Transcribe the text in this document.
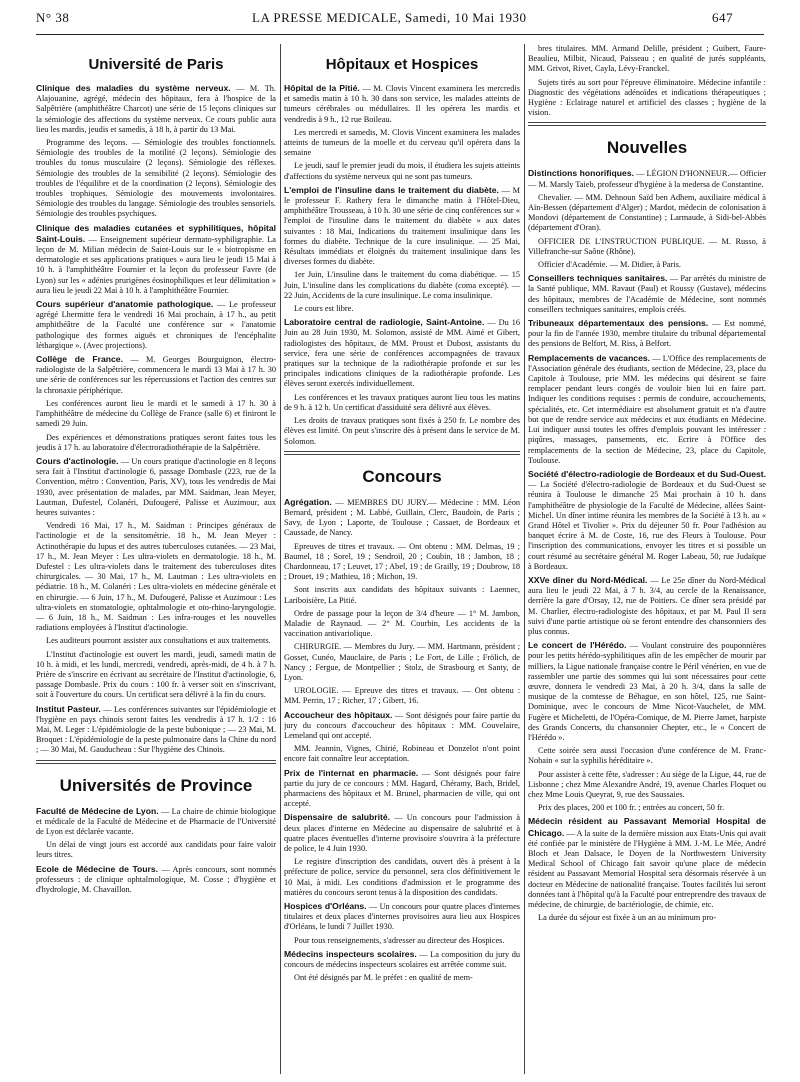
N° 38	LA PRESSE MEDICALE, Samedi, 10 Mai 1930	647
Université de Paris

Clinique des maladies du système nerveux. — M. Th. Alajouanine, agrégé, médecin des hôpitaux, fera à l'hospice de la Salpêtrière (amphithéâtre Charcot) une série de 15 leçons cliniques sur la sémiologie des affections du système nerveux. Ce cours public aura lieu les mardis, jeudis et samedis, à 18 h, à partir du 13 Mai.

Programme des leçons. — Sémiologie des troubles fonctionnels. Sémiologie des troubles de la motilité (2 leçons). Sémiologie des troubles du tonus musculaire (2 leçons). Sémiologie des réflexes. Sémiologie des troubles de la sensibilité (2 leçons). Sémiologie des troubles de l'équilibre et de la coordination (2 leçons). Sémiologie des troubles trophiques. Sémiologie des mouvements involontaires. Sémiologie des troubles du langage. Sémiologie des troubles sensoriels. Sémiologie des troubles psychiques.

Clinique des maladies cutanées et syphilitiques, hôpital Saint-Louis. — Enseignement supérieur dermato-syphiligraphie. La leçon de M. Milian médecin de Saint-Louis sur le « biotropisme en dermatologie et ses applications pratiques » aura lieu le jeudi 15 Mai à 10 h. à l'amphithéâtre Fournier et la leçon du professeur Favre (de Lyon) sur les « adénies prurigènes éosinophiliques et leur délimitation » aura lieu le jeudi 22 Mai à 10 h. à l'amphithéâtre Fournier.

Cours supérieur d'anatomie pathologique. — Le professeur agrégé Lhermitte fera le vendredi 16 Mai prochain, à 17 h., au petit amphithéâtre de la Faculté une conférence sur « l'anatomie pathologique des formes aiguës et chroniques de l'encéphalite léthargique ». (Avec projections).

Collège de France. — M. Georges Bourguignon, électro-radiologiste de la Salpêtrière, commencera le mardi 13 Mai à 17 h. 30 une série de conférences sur les répercussions et l'action des centres sur la chronaxie périphérique.

Les conférences auront lieu le mardi et le samedi à 17 h. 30 à l'amphithéâtre de médecine du Collège de France (salle 6) et finiront le samedi 29 Juin.

Des expériences et démonstrations pratiques seront faites tous les jeudis à 17 h. au laboratoire d'électroradiothérapie de la Salpêtrière.

Cours d'actinologie. — Un cours pratique d'actinologie en 8 leçons sera fait à l'Institut d'actinologie 6, passage Dombasle (223, rue de la Convention, métro : Convention, Paris, XV), tous les vendredis de Mai 1930, avec présentation de malades, par MM. Saidman, Jean Meyer, Lautman, Dufestel, Colanéri, Dufougeré, Palisse et Auzimour, aux heures suivantes :

Vendredi 16 Mai, 17 h., M. Saidman : Principes généraux de l'actinologie et de la sensitométrie. 18 h., M. Jean Meyer : Actinothérapie du lupus et des autres tuberculoses cutanées. — 23 Mai, 17 h., M. Jean Meyer : Les ultra-violets en dermatologie. 18 h., M. Dufestel : Les ultra-violets dans le traitement des tuberculoses dites chirurgicales. — 30 Mai, 17 h., M. Lautman : Les ultra-violets en pédiatrie. 18 h., M. Colanéri : Les ultra-violets en médecine générale et en chirurgie. — 6 Juin, 17 h., M. Dufougeré, Palisse et Auzimour : Les ultra-violets en stomatologie, ophtalmologie et oto-rhino-laryngologie. — 6 Juin, 18 h., M. Saidman : Les infra-rouges et les nouvelles radiations employées à l'Institut d'actinologie.

Les auditeurs pourront assister aux consultations et aux traitements.

L'Institut d'actinologie est ouvert les mardi, jeudi, samedi matin de 10 h. à midi, et les lundi, mercredi, vendredi, après-midi, de 4 h. à 7 h. Prière de s'inscrire en écrivant au secrétaire de l'Institut d'actinologie, 6, passage Dombasle. Prix du cours : 100 fr. à verser soit en s'inscrivant, soit à l'ouverture du cours. Un certificat sera délivré à la fin du cours.

Institut Pasteur. — Les conférences suivantes sur l'épidémiologie et l'hygiène en pays chinois seront faites les vendredis à 17 h. 1/2 : 16 Mai, M. Leger : L'épidémiologie de la peste bubonique ; — 23 Mai, M. Broquet : L'épidémiologie de la peste pulmonaire dans la Chine du nord ; — 30 Mai, M. Gauducheau : Sur l'hygiène des Chinois.

Universités de Province

Faculté de Médecine de Lyon. — La chaire de chimie biologique et médicale de la Faculté de Médecine et de Pharmacie de l'Université de Lyon est déclarée vacante.

Un délai de vingt jours est accordé aux candidats pour faire valoir leurs titres.

Ecole de Médecine de Tours. — Après concours, sont nommés professeurs : de clinique ophtalmologique, M. Cosse ; d'hygiène et d'hydrologie, M. Chavaillon.

Hôpitaux et Hospices

Hôpital de la Pitié. — M. Clovis Vincent examinera les mercredis et samedis matin à 10 h. 30 dans son service, les malades atteints de tumeurs cérébrales ou médullaires. Il les opérera les mardis et vendredis à 9 h., 12 rue Boileau.

Les mercredi et samedis, M. Clovis Vincent examinera les malades atteints de tumeurs de la moelle et du cerveau qu'il opérera dans la semaine

Le jeudi, sauf le premier jeudi du mois, il étudiera les sujets atteints d'affections du système nerveux qui ne sont pas tumeurs.

L'emploi de l'insuline dans le traitement du diabète. — M le professeur F. Rathery fera le dimanche matin à l'Hôtel-Dieu, amphithéâtre Trousseau, à 10 h. 30 une série de cinq conférences sur « l'emploi de l'insuline dans le traitement du diabète » aux dates suivantes : 18 Mai, Indications du traitement insulinique dans les formes du diabète. Technique de la cure insulinique. — 25 Mai, Résultats immédiats et éloignés du traitement insulinique dans les diverses formes du diabète.

1er Juin, L'insuline dans le traitement du coma diabétique. — 15 Juin, L'insuline dans les complications du diabète (coma excepté). — 22 Juin, Accidents de la cure insulinique. Le coma insulinique.

Le cours est libre.

Laboratoire central de radiologie, Saint-Antoine. — Du 16 Juin au 28 Juin 1930, M. Solomon, assisté de MM. Aimé et Gibert, radiologistes des hôpitaux, de MM. Proust et Dubost, assistants du service, fera une série de conférences accompagnées de travaux pratiques sur la technique de la radiothérapie profonde et sur les principales indications cliniques de la radiothérapie profonde. Les élèves seront exercés individuellement.

Les conférences et les travaux pratiques auront lieu tous les matins de 9 h. à 12 h. Un certificat d'assiduité sera délivré aux élèves.

Les droits de travaux pratiques sont fixés à 250 fr. Le nombre des élèves est limité. On peut s'inscrire dès à présent dans le service de M. Solomon.

Concours

Agrégation. — MEMBRES DU JURY.— Médecine : MM. Léon Bernard, président ; M. Labbé, Guillain, Clerc, Baudoin, de Paris ; Savy, de Lyon ; Laporte, de Toulouse ; Cassaet, de Bordeaux et Caussade, de Nancy.

Epreuves de titres et travaux. — Ont obtenu : MM. Delmas, 19 ; Baumel, 18 ; Sorel, 19 ; Sendroil, 20 ; Coubin, 18 ; Jambon, 18 ; Chardonneau, 17 ; Leuvet, 17 ; Abel, 19 ; de Grailly, 19 ; Doubrow, 18 ; Drouet, 19 ; Mathieu, 18 ; Michon, 19.

Sont inscrits aux candidats des hôpitaux suivants : Laennec, Lariboisière, La Pitié.

Ordre de passage pour la leçon de 3/4 d'heure — 1° M. Jambon, Maladie de Raynaud. — 2° M. Courbin, Les accidents de la vaccination antivariolique.

CHIRURGIE. — Membres du Jury. — MM. Hartmann, président ; Gosset, Cunéo, Mauclaire, de Paris ; Le Fort, de Lille ; Frölich, de Nancy ; Fergue, de Montpellier ; Stolz, de Strasbourg et Santy, de Lyon.

UROLOGIE. — Epreuve des titres et travaux. — Ont obtenu : MM. Perrin, 17 ; Richer, 17 ; Gibert, 16.

Accoucheur des hôpitaux. — Sont désignés pour faire partie du jury du concours d'accoucheur des hôpitaux : MM. Couvelaire, Lemeland qui ont accepté.

MM. Jeannin, Vignes, Chirié, Robineau et Donzelot n'ont point encore fait connaître leur acceptation.

Prix de l'internat en pharmacie. — Sont désignés pour faire partie du jury de ce concours : MM. Hagard, Chéramy, Bach, Bridel, pharmaciens des hôpitaux et M. Brunel, pharmacien de ville, qui ont accepté.

Dispensaire de salubrité. — Un concours pour l'admission à deux places d'interne en Médecine au dispensaire de salubrité et à quatre places éventuelles d'interne provisoire s'ouvrira à la préfecture de police, le 4 Juin 1930.

Le registre d'inscription des candidats, ouvert dès à présent à la préfecture de police, service du personnel, sera clos définitivement le 10 Mai, à midi. Les conditions d'admission et le programme des matières du concours seront tenus à la disposition des candidats.

Hospices d'Orléans. — Un concours pour quatre places d'internes titulaires et deux places d'internes provisoires aura lieu aux Hospices d'Orléans, le lundi 7 Juillet 1930.

Pour tous renseignements, s'adresser au directeur des Hospices.

Médecins inspecteurs scolaires. — La composition du jury du concours de médecins inspecteurs scolaires est arrêtée comme suit.

Ont été désignés par M. le préfet : en qualité de mem-

bres titulaires. MM. Armand Delille, président ; Guibert, Faure-Beaulieu, Milbit, Nicaud, Paisseau ; en qualité de jurés suppléants, MM. Grivot, Rivet, Cayla, Lévy-Franckel.

Sujets tirés au sort pour l'épreuve éliminatoire. Médecine infantile : Diagnostic des végétations adénoïdes et indications thérapeutiques ; Hygiène : Eclairage naturel et artificiel des classes ; hygiène de la vision.

Nouvelles

Distinctions honorifiques. — LÉGION D'HONNEUR.— Officier — M. Marsly Taieb, professeur d'hygiène à la medersa de Constantine.

Chevalier. — MM. Dehnoun Saïd ben Adhem, auxiliaire médical à Aïn-Bessen (département d'Alger) ; Mardot, médecin de colonisation à Mondovi (département de Constantine) ; Larmaude, à Sidi-bel-Abbès (département d'Oran).

OFFICIER DE L'INSTRUCTION PUBLIQUE. — M. Russo, à Villefranche-sur Saône (Rhône).

Officier d'Académie. — M. Didier, à Paris.

Conseillers techniques sanitaires. — Par arrêtés du ministre de la Santé publique, MM. Ravaut (Paul) et Roussy (Gustave), médecins des hôpitaux, membres de l'Académie de Médecine, sont nommés conseillers techniques sanitaires, emplois créés.

Tribuneaux départementaux des pensions. — Est nommé, pour la fin de l'année 1930, membre titulaire du tribunal départemental des pensions de Belfort, M. Riss, à Belfort.

Remplacements de vacances. — L'Office des remplacements de l'Association générale des étudiants, section de Médecine, 23, place du Capitole à Toulouse, prie MM. les médecins qui désirent se faire remplacer pendant leurs congés de vouloir bien lui en faire part. Indiquer les conditions requises : permis de conduire, accouchements, spécialités, etc. Cet intermédiaire est absolument gratuit et n'a d'autre but que de rendre service aux médecins et aux étudiants en Médecine. Lui indiquer aussi toutes les offres d'emplois pouvant les intéresser : piqûres, massages, pansements, etc. Ecrire à l'Office des remplacements de la section de Médecine, 23, place du Capitole, Toulouse.

Société d'électro-radiologie de Bordeaux et du Sud-Ouest. — La Société d'électro-radiologie de Bordeaux et du Sud-Ouest se réunira à Toulouse le dimanche 25 Mai prochain à 10 h. dans l'amphithéâtre de physiologie de la Faculté de Médecine, allées Saint-Michel. Un dîner intime réunira les membres de la Société à 13 h. au « Grand Hôtel et Tivolier ». Prix du déjeuner 50 fr. Pour l'adhésion au banquet écrire à M. de Coste, 16, rue des Fleurs à Toulouse. Pour l'inscription des communications, envoyer les titres et si possible un court résumé au secrétaire général M. Roger Labeau, 50, rue Judaïque à Bordeaux.

XXVe dîner du Nord-Médical. — Le 25e dîner du Nord-Médical aura lieu le jeudi 22 Mai, à 7 h. 3/4, au cercle de la Renaissance, derrière la gare d'Orsay, 12, rue de Poitiers. Ce dîner sera présidé par M. Charlier, électro-radiologiste des hôpitaux, et par M. Paul Il sera suivi d'une partie artistique où se feront entendre des chansonniers des plus connus.

Le concert de l'Hérédo. — Voulant construire des pouponnières pour les petits hérédo-syphilitiques afin de les empêcher de mourir par milliers, la Ligue nationale française contre le Péril vénérien, en vue de rassembler une partie des sommes qui lui sont nécessaires pour cette œuvre, donnera le vendredi 23 Mai, à 20 h. 3/4, dans la salle de musique de la comtesse de Béhague, en son hôtel, 125, rue Saint-Dominique, avec le concours de Mme Nicot-Vauchelet, de MM. Fugère et Micheletti, de l'Opéra-Comique, de M. Pierre Jamet, harpiste des Grands Concerts, du chansonnier Chepter, etc., le « Concert de l'Hérédo ».

Cette soirée sera aussi l'occasion d'une conférence de M. Franc-Nohain « sur la syphilis héréditaire ».

Pour assister à cette fête, s'adresser : Au siège de la Ligue, 44, rue de Lisbonne ; chez Mme Alexandre André, 19, avenue Charles Floquet ou chez Mme Louis Queyrat, 9, rue des Saussaies.

Prix des places, 200 et 100 fr. ; entrées au concert, 50 fr.

Médecin résident au Passavant Memorial Hospital de Chicago. — A la suite de la dernière mission aux Etats-Unis qui avait été confiée par le ministère de l'Hygiène à MM. J.-M. Le Mée, André Bloch et Jean Dalsace, le Doyen de la Northwestern University Medical School of Chicago fait savoir qu'une place de médecin résident au Passavant Memorial Hospital sera désormais réservée à un docteur en Médecine de nationalité française. Toutes facilités lui seront données tant à l'hôpital qu'à la Faculté pour entreprendre des travaux de médecine, de chirurgie, de bactériologie, de chimie, etc.

La durée du séjour est fixée à un an au minimum pro-
